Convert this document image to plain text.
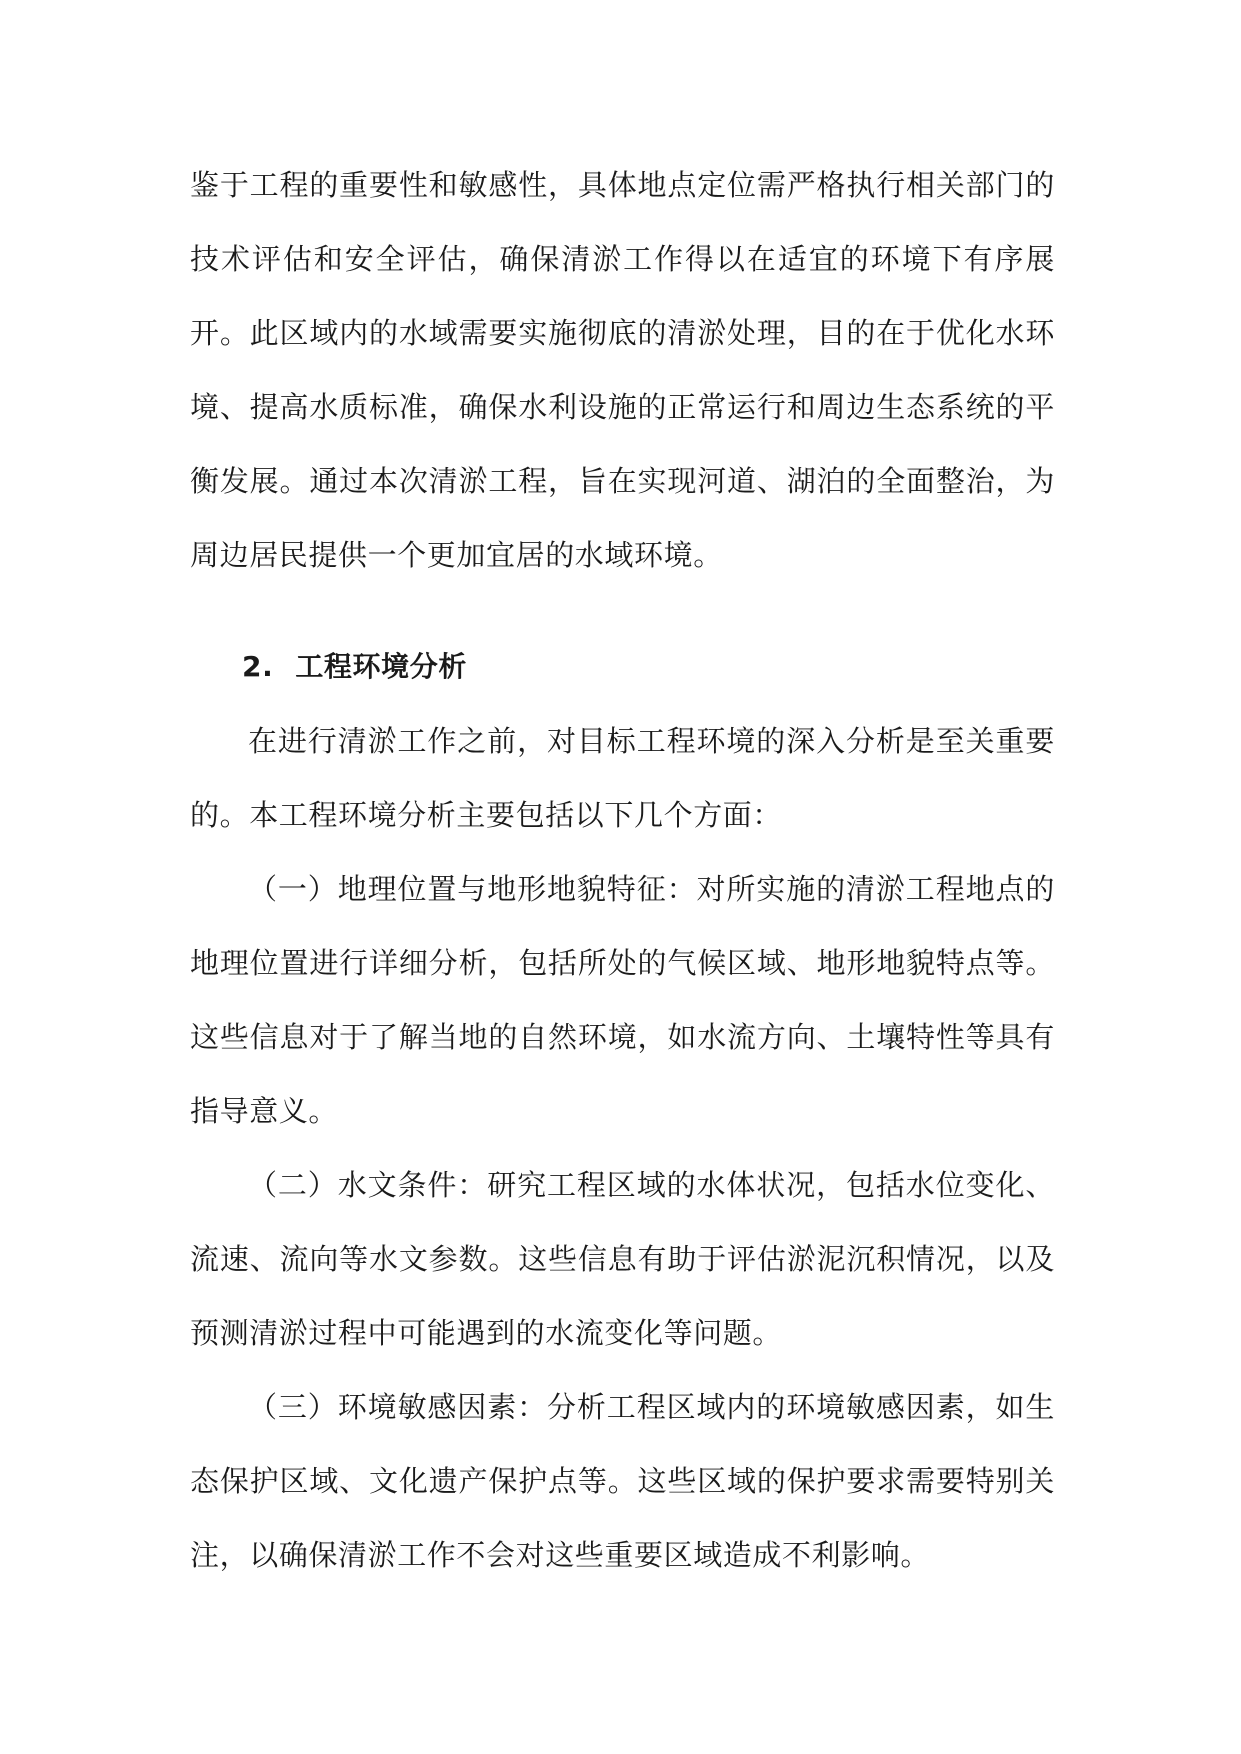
鉴于工程的重要性和敏感性，具体地点定位需严格执行相关部门的技术评估和安全评估，确保清淤工作得以在适宜的环境下有序展开。此区域内的水域需要实施彻底的清淤处理，目的在于优化水环境、提高水质标准，确保水利设施的正常运行和周边生态系统的平衡发展。通过本次清淤工程，旨在实现河道、湖泊的全面整治，为周边居民提供一个更加宜居的水域环境。

2. 工程环境分析

在进行清淤工作之前，对目标工程环境的深入分析是至关重要的。本工程环境分析主要包括以下几个方面：

（一）地理位置与地形地貌特征：对所实施的清淤工程地点的地理位置进行详细分析，包括所处的气候区域、地形地貌特点等。这些信息对于了解当地的自然环境，如水流方向、土壤特性等具有指导意义。

（二）水文条件：研究工程区域的水体状况，包括水位变化、流速、流向等水文参数。这些信息有助于评估淤泥沉积情况，以及预测清淤过程中可能遇到的水流变化等问题。

（三）环境敏感因素：分析工程区域内的环境敏感因素，如生态保护区域、文化遗产保护点等。这些区域的保护要求需要特别关注，以确保清淤工作不会对这些重要区域造成不利影响。
